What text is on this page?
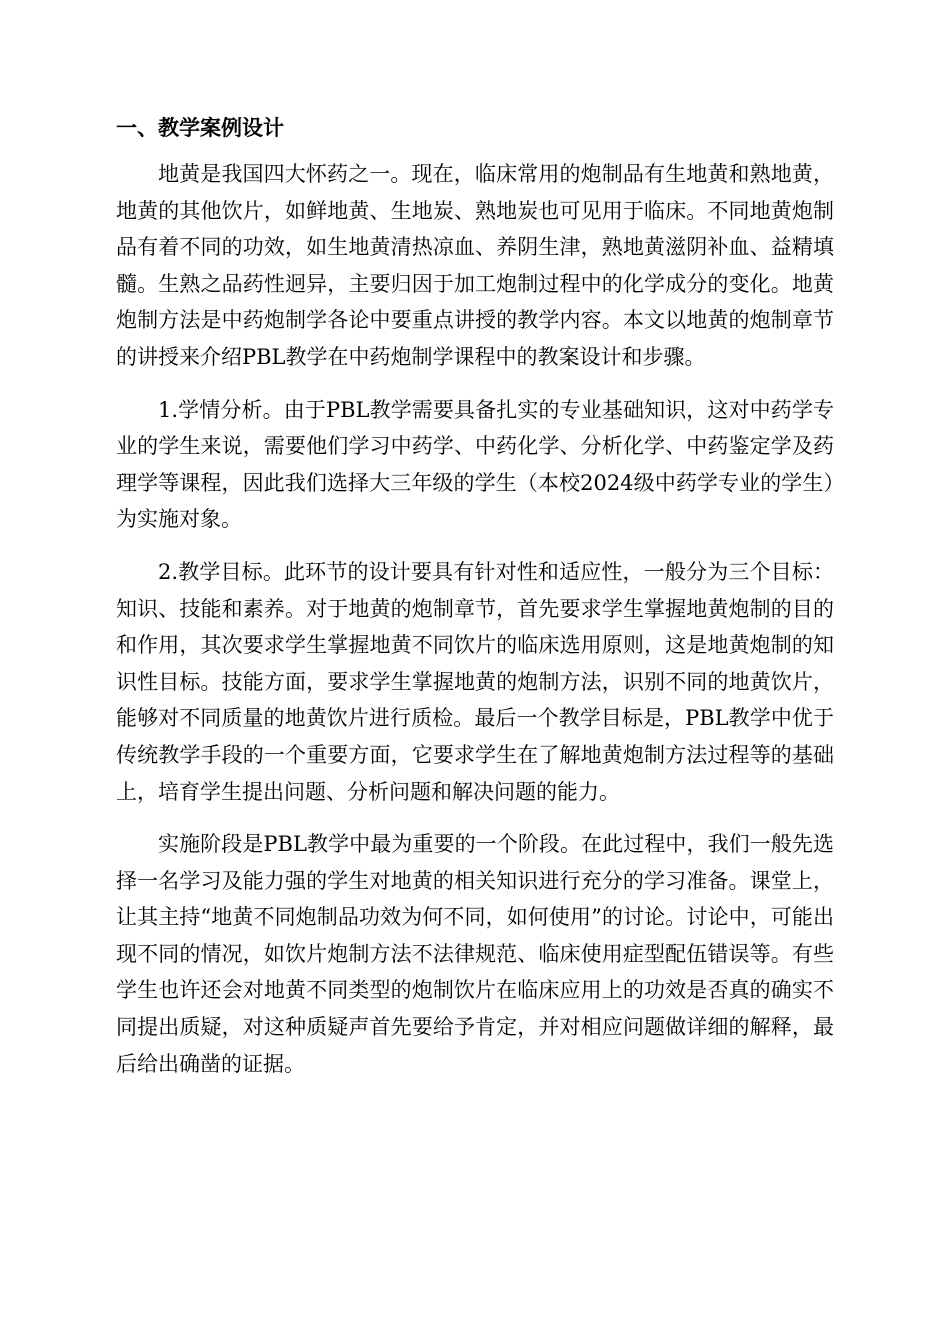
一、教学案例设计

地黄是我国四大怀药之一。现在，临床常用的炮制品有生地黄和熟地黄，地黄的其他饮片，如鲜地黄、生地炭、熟地炭也可见用于临床。不同地黄炮制品有着不同的功效，如生地黄清热凉血、养阴生津，熟地黄滋阴补血、益精填髓。生熟之品药性迥异，主要归因于加工炮制过程中的化学成分的变化。地黄炮制方法是中药炮制学各论中要重点讲授的教学内容。本文以地黄的炮制章节的讲授来介绍PBL教学在中药炮制学课程中的教案设计和步骤。

1.学情分析。由于PBL教学需要具备扎实的专业基础知识，这对中药学专业的学生来说，需要他们学习中药学、中药化学、分析化学、中药鉴定学及药理学等课程，因此我们选择大三年级的学生（本校2024级中药学专业的学生）为实施对象。

2.教学目标。此环节的设计要具有针对性和适应性，一般分为三个目标：知识、技能和素养。对于地黄的炮制章节，首先要求学生掌握地黄炮制的目的和作用，其次要求学生掌握地黄不同饮片的临床选用原则，这是地黄炮制的知识性目标。技能方面，要求学生掌握地黄的炮制方法，识别不同的地黄饮片，能够对不同质量的地黄饮片进行质检。最后一个教学目标是，PBL教学中优于传统教学手段的一个重要方面，它要求学生在了解地黄炮制方法过程等的基础上，培育学生提出问题、分析问题和解决问题的能力。

实施阶段是PBL教学中最为重要的一个阶段。在此过程中，我们一般先选择一名学习及能力强的学生对地黄的相关知识进行充分的学习准备。课堂上，让其主持“地黄不同炮制品功效为何不同，如何使用”的讨论。讨论中，可能出现不同的情况，如饮片炮制方法不法律规范、临床使用症型配伍错误等。有些学生也许还会对地黄不同类型的炮制饮片在临床应用上的功效是否真的确实不同提出质疑，对这种质疑声首先要给予肯定，并对相应问题做详细的解释，最后给出确凿的证据。
